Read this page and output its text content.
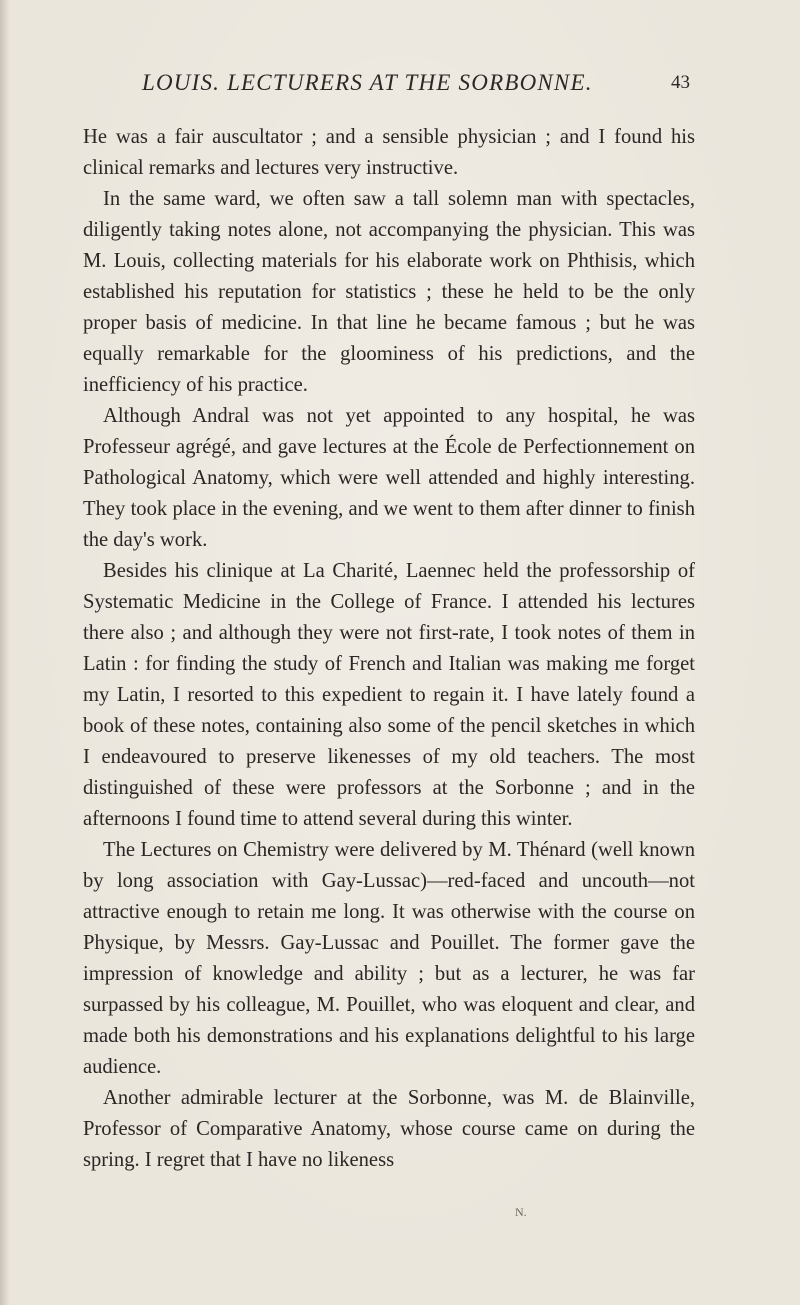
LOUIS. LECTURERS AT THE SORBONNE.	43

He was a fair auscultator ; and a sensible physician ; and I found his clinical remarks and lectures very instructive.

In the same ward, we often saw a tall solemn man with spectacles, diligently taking notes alone, not accompanying the physician. This was M. Louis, collecting materials for his elaborate work on Phthisis, which established his reputation for statistics ; these he held to be the only proper basis of medicine. In that line he became famous ; but he was equally remarkable for the gloominess of his predictions, and the inefficiency of his practice.

Although Andral was not yet appointed to any hospital, he was Professeur agrégé, and gave lectures at the École de Perfectionnement on Pathological Anatomy, which were well attended and highly interesting. They took place in the evening, and we went to them after dinner to finish the day's work.

Besides his clinique at La Charité, Laennec held the professorship of Systematic Medicine in the College of France. I attended his lectures there also ; and although they were not first-rate, I took notes of them in Latin : for finding the study of French and Italian was making me forget my Latin, I resorted to this expedient to regain it. I have lately found a book of these notes, containing also some of the pencil sketches in which I endeavoured to preserve likenesses of my old teachers. The most distinguished of these were professors at the Sorbonne ; and in the afternoons I found time to attend several during this winter.

The Lectures on Chemistry were delivered by M. Thénard (well known by long association with Gay-Lussac)—red-faced and uncouth—not attractive enough to retain me long. It was otherwise with the course on Physique, by Messrs. Gay-Lussac and Pouillet. The former gave the impression of knowledge and ability ; but as a lecturer, he was far surpassed by his colleague, M. Pouillet, who was eloquent and clear, and made both his demonstrations and his explanations delightful to his large audience.

Another admirable lecturer at the Sorbonne, was M. de Blainville, Professor of Comparative Anatomy, whose course came on during the spring. I regret that I have no likeness

N.
